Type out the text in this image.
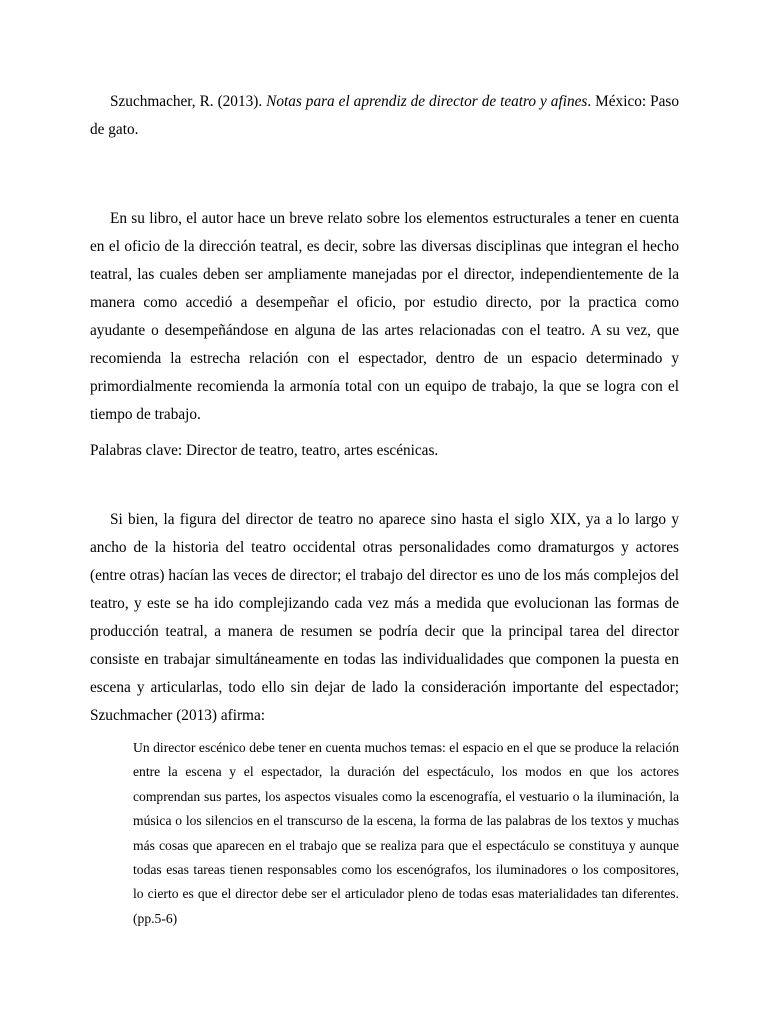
Szuchmacher, R. (2013). Notas para el aprendiz de director de teatro y afines. México: Paso de gato.

En su libro, el autor hace un breve relato sobre los elementos estructurales a tener en cuenta en el oficio de la dirección teatral, es decir, sobre las diversas disciplinas que integran el hecho teatral, las cuales deben ser ampliamente manejadas por el director, independientemente de la manera como accedió a desempeñar el oficio, por estudio directo, por la practica como ayudante o desempeñándose en alguna de las artes relacionadas con el teatro. A su vez, que recomienda la estrecha relación con el espectador, dentro de un espacio determinado y primordialmente recomienda la armonía total con un equipo de trabajo, la que se logra con el tiempo de trabajo.

Palabras clave: Director de teatro, teatro, artes escénicas.

Si bien, la figura del director de teatro no aparece sino hasta el siglo XIX, ya a lo largo y ancho de la historia del teatro occidental otras personalidades como dramaturgos y actores (entre otras) hacían las veces de director; el trabajo del director es uno de los más complejos del teatro, y este se ha ido complejizando cada vez más a medida que evolucionan las formas de producción teatral, a manera de resumen se podría decir que la principal tarea del director consiste en trabajar simultáneamente en todas las individualidades que componen la puesta en escena y articularlas, todo ello sin dejar de lado la consideración importante del espectador; Szuchmacher (2013) afirma:

Un director escénico debe tener en cuenta muchos temas: el espacio en el que se produce la relación entre la escena y el espectador, la duración del espectáculo, los modos en que los actores comprendan sus partes, los aspectos visuales como la escenografía, el vestuario o la iluminación, la música o los silencios en el transcurso de la escena, la forma de las palabras de los textos y muchas más cosas que aparecen en el trabajo que se realiza para que el espectáculo se constituya y aunque todas esas tareas tienen responsables como los escenógrafos, los iluminadores o los compositores, lo cierto es que el director debe ser el articulador pleno de todas esas materialidades tan diferentes. (pp.5-6)
